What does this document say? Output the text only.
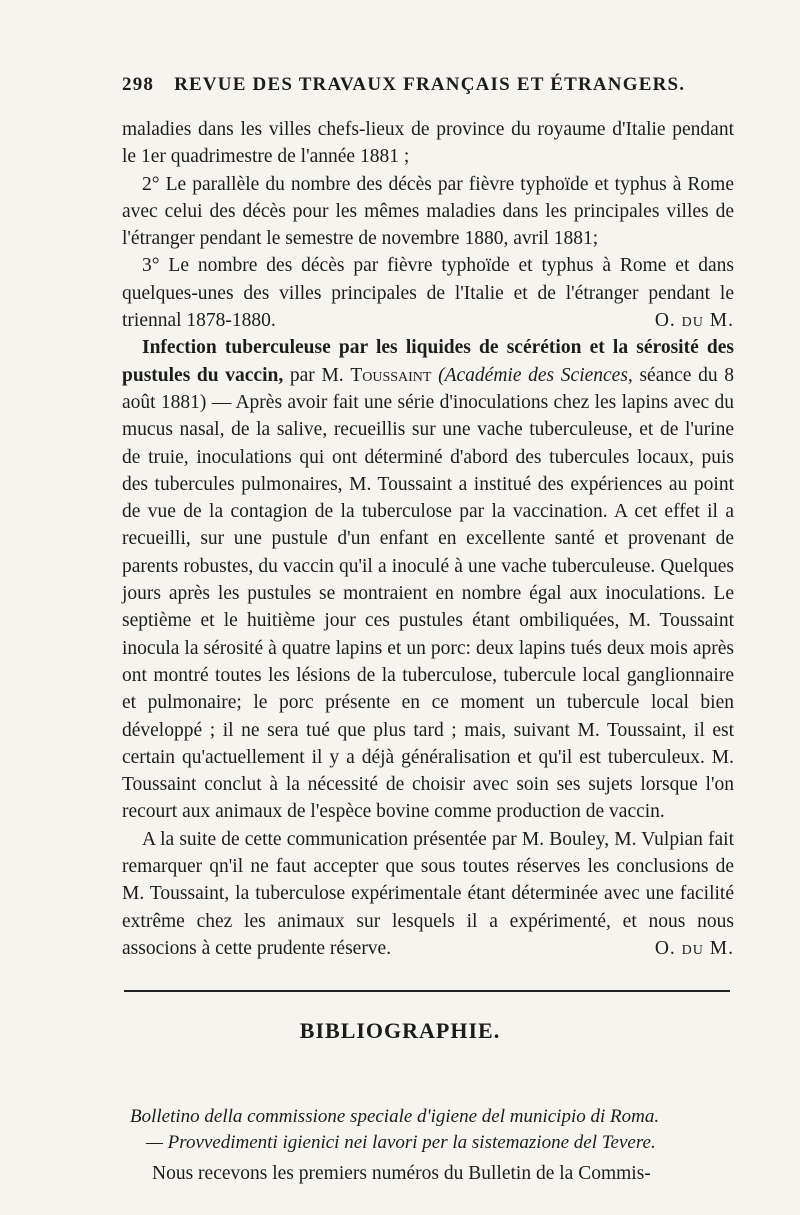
298 REVUE DES TRAVAUX FRANÇAIS ET ÉTRANGERS.

maladies dans les villes chefs-lieux de province du royaume d'Italie pendant le 1er quadrimestre de l'année 1881 ;

2° Le parallèle du nombre des décès par fièvre typhoïde et typhus à Rome avec celui des décès pour les mêmes maladies dans les principales villes de l'étranger pendant le semestre de novembre 1880, avril 1881;

3° Le nombre des décès par fièvre typhoïde et typhus à Rome et dans quelques-unes des villes principales de l'Italie et de l'étranger pendant le triennal 1878-1880.	O. du M.

Infection tuberculeuse par les liquides de scérétion et la sérosité des pustules du vaccin, par M. Toussaint (Académie des Sciences, séance du 8 août 1881) — Après avoir fait une série d'inoculations chez les lapins avec du mucus nasal, de la salive, recueillis sur une vache tuberculeuse, et de l'urine de truie, inoculations qui ont déterminé d'abord des tubercules locaux, puis des tubercules pulmonaires, M. Toussaint a institué des expériences au point de vue de la contagion de la tuberculose par la vaccination. A cet effet il a recueilli, sur une pustule d'un enfant en excellente santé et provenant de parents robustes, du vaccin qu'il a inoculé à une vache tuberculeuse. Quelques jours après les pustules se montraient en nombre égal aux inoculations. Le septième et le huitième jour ces pustules étant ombiliquées, M. Toussaint inocula la sérosité à quatre lapins et un porc: deux lapins tués deux mois après ont montré toutes les lésions de la tuberculose, tubercule local ganglionnaire et pulmonaire; le porc présente en ce moment un tubercule local bien développé ; il ne sera tué que plus tard ; mais, suivant M. Toussaint, il est certain qu'actuellement il y a déjà généralisation et qu'il est tuberculeux. M. Toussaint conclut à la nécessité de choisir avec soin ses sujets lorsque l'on recourt aux animaux de l'espèce bovine comme production de vaccin.

A la suite de cette communication présentée par M. Bouley, M. Vulpian fait remarquer qn'il ne faut accepter que sous toutes réserves les conclusions de M. Toussaint, la tuberculose expérimentale étant déterminée avec une facilité extrême chez les animaux sur lesquels il a expérimenté, et nous nous associons à cette prudente réserve.	O. du M.

BIBLIOGRAPHIE.

Bolletino della commissione speciale d'igiene del municipio di Roma.

— Provvedimenti igienici nei lavori per la sistemazione del Tevere.

Nous recevons les premiers numéros du Bulletin de la Commis-
